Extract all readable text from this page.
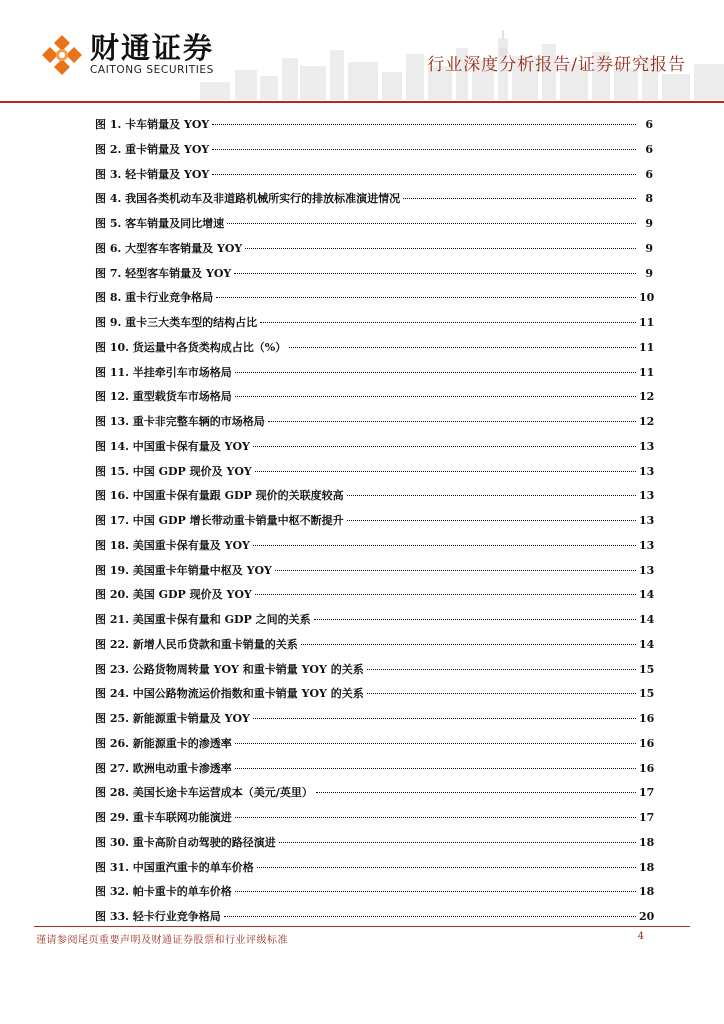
财通证券
CAITONG SECURITIES	行业深度分析报告/证券研究报告
图 1. 卡车销量及 YOY	6
图 2. 重卡销量及 YOY	6
图 3. 轻卡销量及 YOY	6
图 4. 我国各类机动车及非道路机械所实行的排放标准演进情况	8
图 5. 客车销量及同比增速	9
图 6. 大型客车客销量及 YOY	9
图 7. 轻型客车销量及 YOY	9
图 8. 重卡行业竞争格局	10
图 9. 重卡三大类车型的结构占比	11
图 10. 货运量中各货类构成占比（%）	11
图 11. 半挂牵引车市场格局	11
图 12. 重型载货车市场格局	12
图 13. 重卡非完整车辆的市场格局	12
图 14. 中国重卡保有量及 YOY	13
图 15. 中国 GDP 现价及 YOY	13
图 16. 中国重卡保有量跟 GDP 现价的关联度较高	13
图 17. 中国 GDP 增长带动重卡销量中枢不断提升	13
图 18. 美国重卡保有量及 YOY	13
图 19. 美国重卡年销量中枢及 YOY	13
图 20. 美国 GDP 现价及 YOY	14
图 21. 美国重卡保有量和 GDP 之间的关系	14
图 22. 新增人民币贷款和重卡销量的关系	14
图 23. 公路货物周转量 YOY 和重卡销量 YOY 的关系	15
图 24. 中国公路物流运价指数和重卡销量 YOY 的关系	15
图 25. 新能源重卡销量及 YOY	16
图 26. 新能源重卡的渗透率	16
图 27. 欧洲电动重卡渗透率	16
图 28. 美国长途卡车运营成本（美元/英里）	17
图 29. 重卡车联网功能演进	17
图 30. 重卡高阶自动驾驶的路径演进	18
图 31. 中国重汽重卡的单车价格	18
图 32. 帕卡重卡的单车价格	18
图 33. 轻卡行业竞争格局	20
谨请参阅尾页重要声明及财通证券股票和行业评级标准	4
